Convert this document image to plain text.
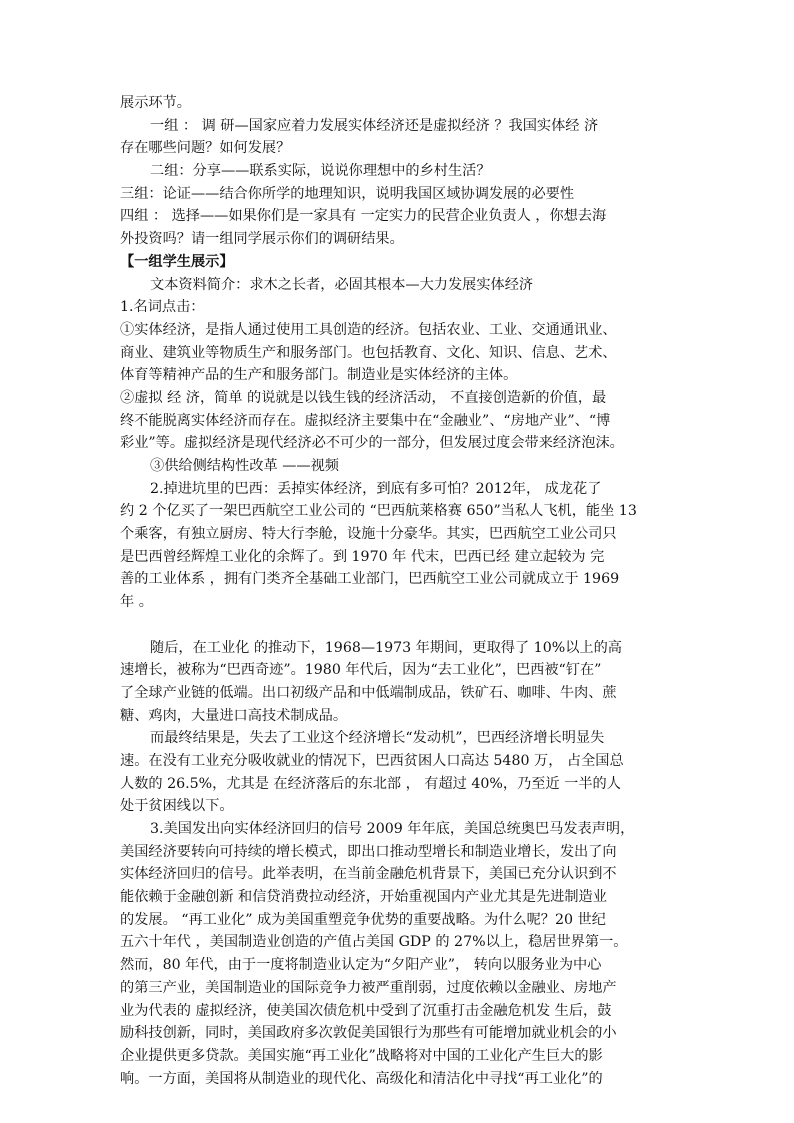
展示环节。
一组 ： 调 研—国家应着力发展实体经济还是虚拟经济 ？我国实体经 济
存在哪些问题？如何发展？
二组：分享——联系实际，说说你理想中的乡村生活？
三组：论证——结合你所学的地理知识，说明我国区域协调发展的必要性
四组 ： 选择——如果你们是一家具有 一定实力的民营企业负责人 ，你想去海
外投资吗？请一组同学展示你们的调研结果。
【一组学生展示】
文本资料简介：求木之长者，必固其根本—大力发展实体经济
1.名词点击：
①实体经济，是指人通过使用工具创造的经济。包括农业、工业、交通通讯业、
商业、建筑业等物质生产和服务部门。也包括教育、文化、知识、信息、艺术、
体育等精神产品的生产和服务部门。制造业是实体经济的主体。
②虚拟 经 济，简单 的说就是以钱生钱的经济活动， 不直接创造新的价值，最
终不能脱离实体经济而存在。虚拟经济主要集中在“金融业”、“房地产业”、“博
彩业”等。虚拟经济是现代经济必不可少的一部分，但发展过度会带来经济泡沫。
③供给侧结构性改革 ——视频
2.掉进坑里的巴西：丢掉实体经济，到底有多可怕？2012年， 成龙花了
约 2 个亿买了一架巴西航空工业公司的 “巴西航莱格赛 650”当私人飞机，能坐 13
个乘客，有独立厨房、特大行李舱，设施十分豪华。其实，巴西航空工业公司只
是巴西曾经辉煌工业化的余辉了。到 1970 年 代末，巴西已经 建立起较为 完
善的工业体系 ，拥有门类齐全基础工业部门，巴西航空工业公司就成立于 1969
年 。
随后，在工业化 的推动下，1968—1973 年期间，更取得了 10%以上的高
速增长，被称为“巴西奇迹”。1980 年代后，因为“去工业化”，巴西被“钉在”
了全球产业链的低端。出口初级产品和中低端制成品，铁矿石、咖啡、牛肉、蔗
糖、鸡肉，大量进口高技术制成品。
而最终结果是，失去了工业这个经济增长“发动机”，巴西经济增长明显失
速。在没有工业充分吸收就业的情况下，巴西贫困人口高达 5480 万， 占全国总
人数的 26.5%，尤其是 在经济落后的东北部 ， 有超过 40%，乃至近 一半的人
处于贫困线以下。
3.美国发出向实体经济回归的信号 2009 年年底，美国总统奥巴马发表声明，
美国经济要转向可持续的增长模式，即出口推动型增长和制造业增长，发出了向
实体经济回归的信号。此举表明，在当前金融危机背景下，美国已充分认识到不
能依赖于金融创新 和信贷消费拉动经济，开始重视国内产业尤其是先进制造业
的发展。 “再工业化” 成为美国重塑竞争优势的重要战略。为什么呢？20 世纪
五六十年代 ，美国制造业创造的产值占美国 GDP 的 27%以上，稳居世界第一。
然而，80 年代，由于一度将制造业认定为“夕阳产业”， 转向以服务业为中心
的第三产业，美国制造业的国际竞争力被严重削弱，过度依赖以金融业、房地产
业为代表的 虚拟经济，使美国次债危机中受到了沉重打击金融危机发 生后，鼓
励科技创新，同时，美国政府多次敦促美国银行为那些有可能增加就业机会的小
企业提供更多贷款。美国实施“再工业化”战略将对中国的工业化产生巨大的影
响。一方面，美国将从制造业的现代化、高级化和清洁化中寻找“再工业化”的
